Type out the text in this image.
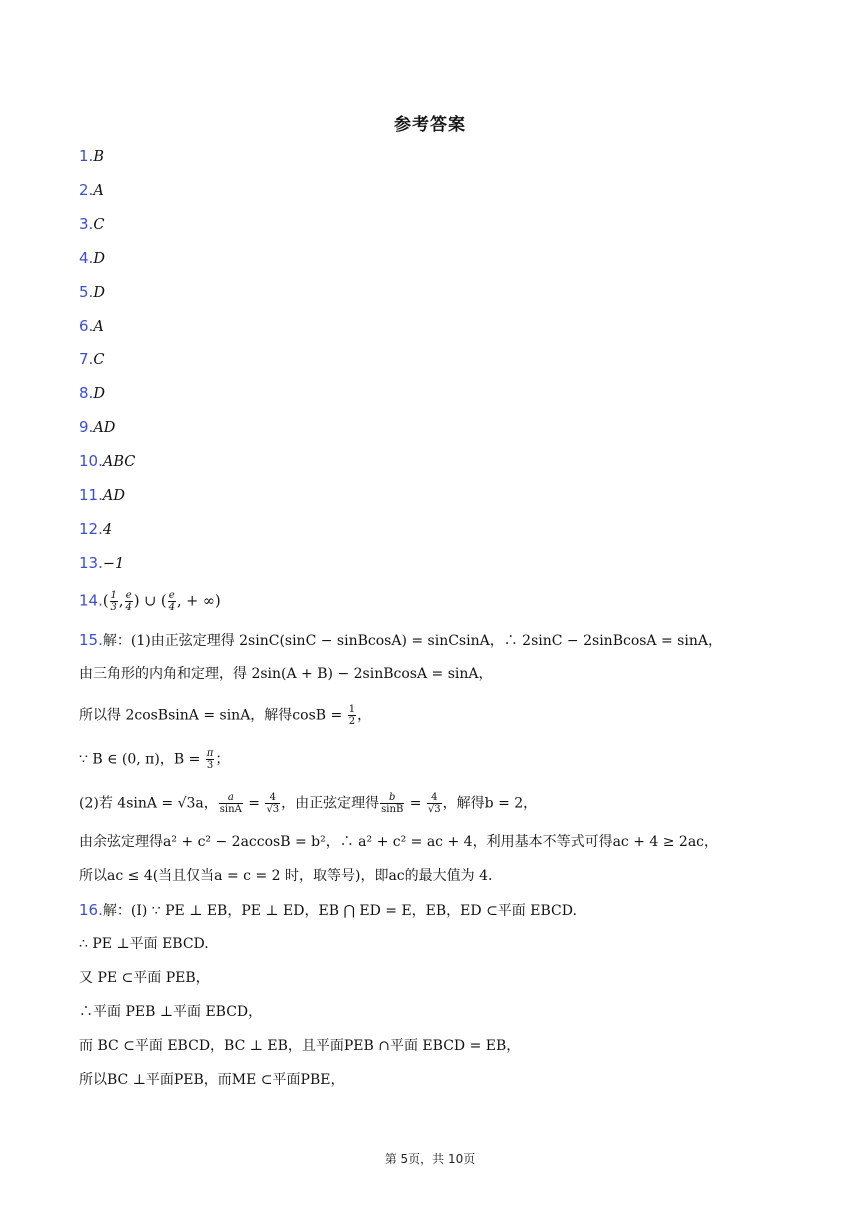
参考答案
1.B
2.A
3.C
4.D
5.D
6.A
7.C
8.D
9.AD
10.ABC
11.AD
12.4
13.−1
$14.( \frac{1}{3}$ , $\frac{e}{4}$ ) ∪ ( $\frac{e}{4}$ , + ∞)
15.解：(1)由正弦定理得 2sinC(sinC − sinBcosA) = sinCsinA，∴ 2sinC − 2sinBcosA = sinA，
由三角形的内角和定理，得 2sin(A + B) − 2sinBcosA = sinA，
所以得 2cosBsinA = sinA，解得$\cos B = \frac{1}{2}$ ，
∵ B ∈ (0, π)，$B = \frac{\pi}{3}$ ；
(2)若 4sinA = √3a， $\frac{a}{\sin A} = \frac{4}{√3}$ ，由正弦定理得 $\frac{b}{\sin B} = \frac{4}{√3}$ ，解得b = 2，
由余弦定理得a² + c² − 2accosB = b²，∴ a² + c² = ac + 4，利用基本不等式可得ac + 4 ≥ 2ac，
所以ac ≤ 4(当且仅当a = c = 2 时，取等号)，即ac的最大值为 4.
16.解：(I) ∵ PE ⊥ EB，PE ⊥ ED，EB ⋂ ED = E，EB，ED ⊂平面 EBCD.
∴ PE ⊥平面 EBCD.
又 PE ⊂平面 PEB，
∴平面 PEB ⊥平面 EBCD，
而 BC ⊂平面 EBCD，BC ⊥ EB，且平面PEB ∩平面 EBCD = EB，
所以BC ⊥平面PEB，而ME ⊂平面PBE，
第 5页，共 10页
